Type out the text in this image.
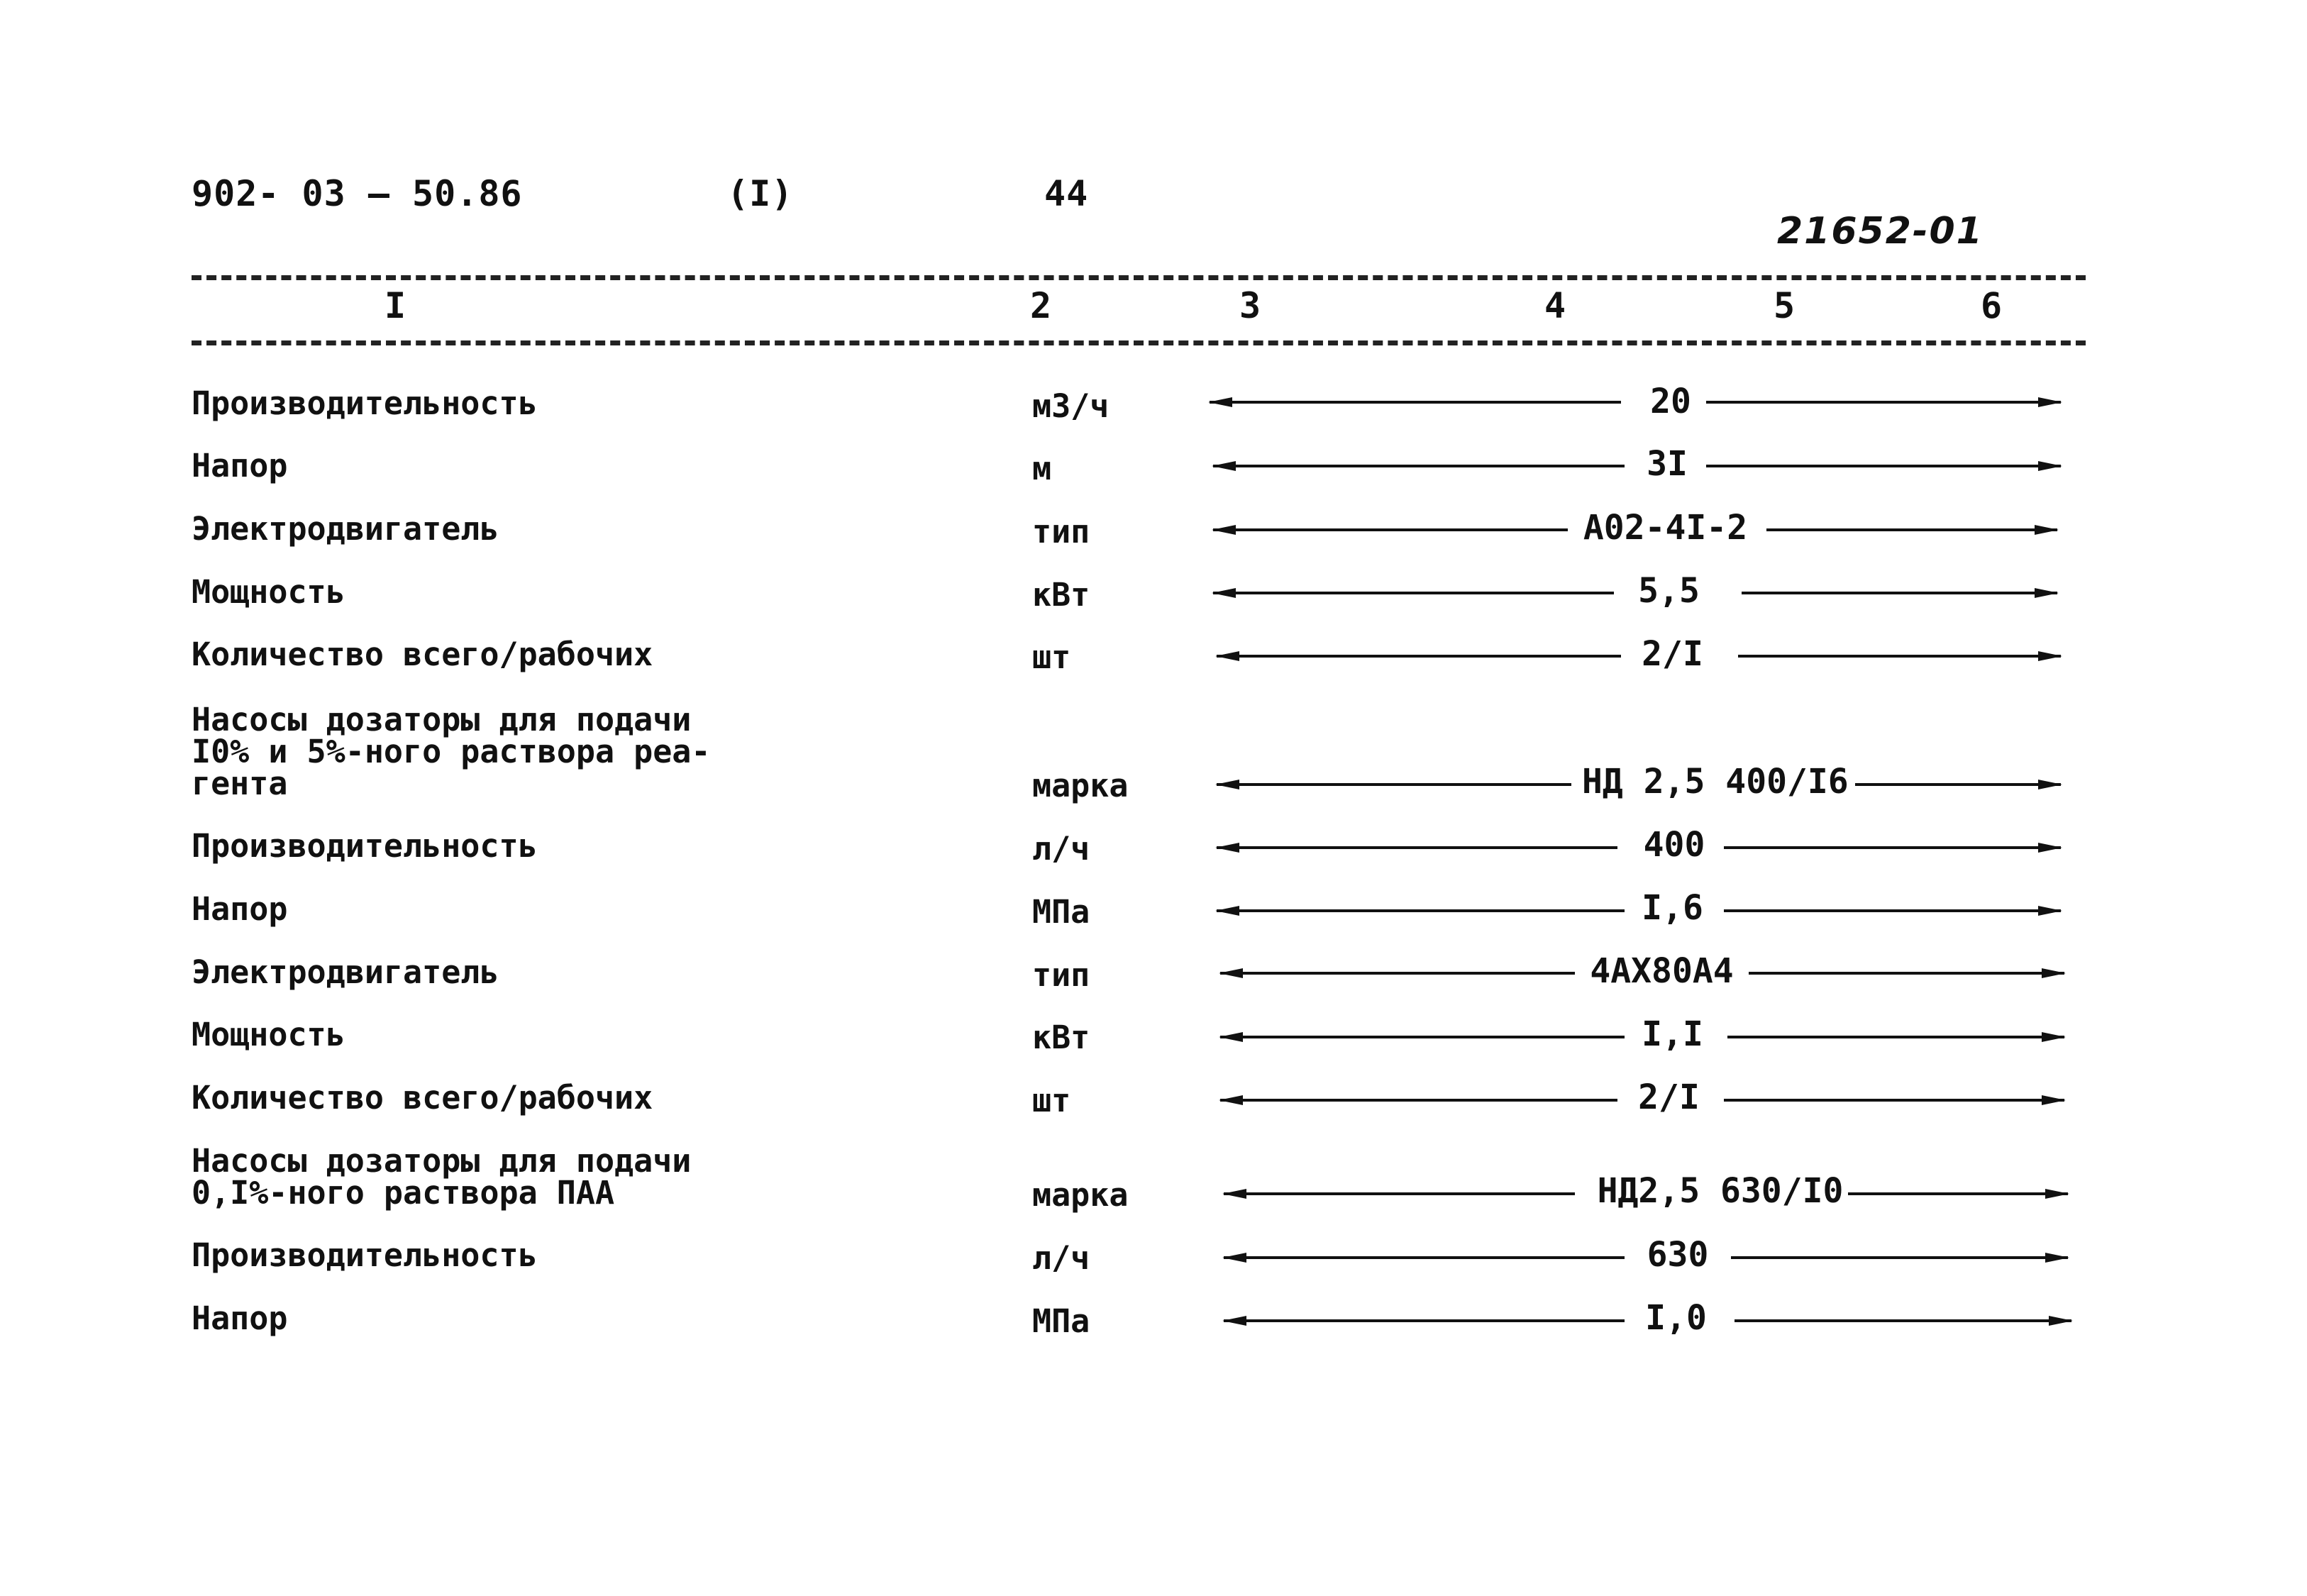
902- 03 – 50.86	(I)	44
21652-01
I	2	3	4	5	6
Производительность	м3/ч	20
Напор	м	3I
Электродвигатель	тип	А02-4I-2
Мощность	кВт	5,5
Количество всего/рабочих	шт	2/I
Насосы дозаторы для подачи
I0% и 5%-ного раствора реа-
гента	марка	НД 2,5 400/I6
Производительность	л/ч	400
Напор	МПа	I,6
Электродвигатель	тип	4АХ80А4
Мощность	кВт	I,I
Количество всего/рабочих	шт	2/I
Насосы дозаторы для подачи
0,I%-ного раствора ПАА	марка	НД2,5 630/I0
Производительность	л/ч	630
Напор	МПа	I,0
